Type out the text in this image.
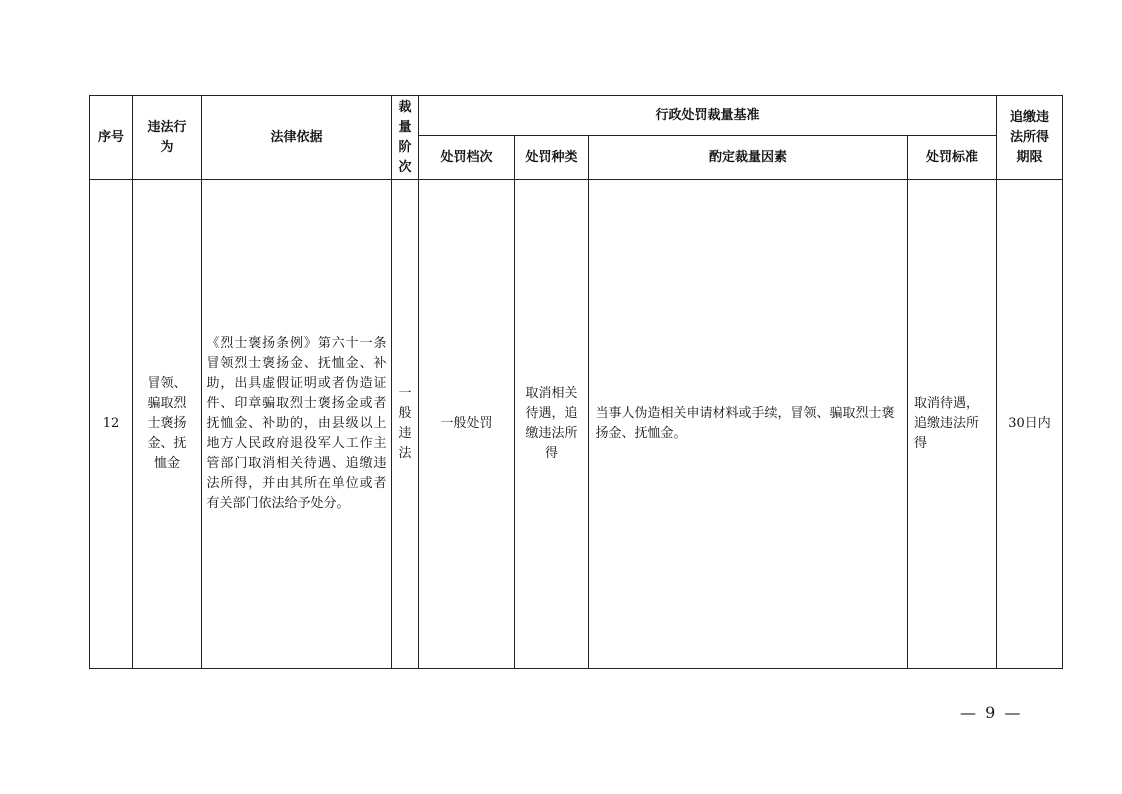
序号	违法行为	法律依据	裁量阶次	行政处罚裁量基准				追缴违法所得期限
				处罚档次	处罚种类	酌定裁量因素	处罚标准	
12	冒领、骗取烈士褒扬金、抚恤金	《烈士褒扬条例》第六十一条冒领烈士褒扬金、抚恤金、补助，出具虚假证明或者伪造证件、印章骗取烈士褒扬金或者抚恤金、补助的，由县级以上地方人民政府退役军人工作主管部门取消相关待遇、追缴违法所得，并由其所在单位或者有关部门依法给予处分。	一般违法	一般处罚	取消相关待遇，追缴违法所得	当事人伪造相关申请材料或手续，冒领、骗取烈士褒扬金、抚恤金。	取消待遇，追缴违法所得	30日内
— 9 —
